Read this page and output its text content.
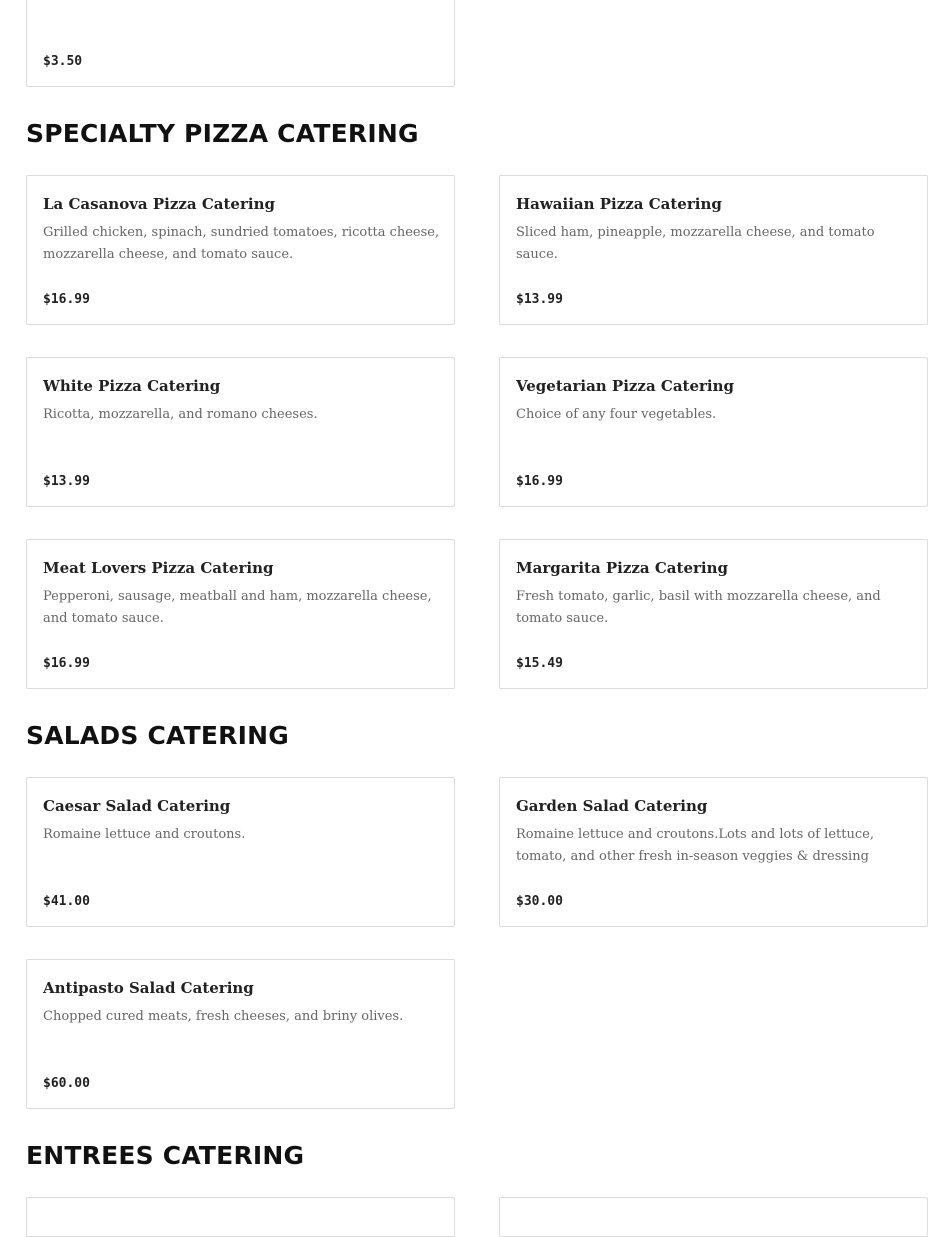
$3.50
SPECIALTY PIZZA CATERING
La Casanova Pizza Catering
Grilled chicken, spinach, sundried tomatoes, ricotta cheese, mozzarella cheese, and tomato sauce.
$16.99
Hawaiian Pizza Catering
Sliced ham, pineapple, mozzarella cheese, and tomato sauce.
$13.99
White Pizza Catering
Ricotta, mozzarella, and romano cheeses.
$13.99
Vegetarian Pizza Catering
Choice of any four vegetables.
$16.99
Meat Lovers Pizza Catering
Pepperoni, sausage, meatball and ham, mozzarella cheese, and tomato sauce.
$16.99
Margarita Pizza Catering
Fresh tomato, garlic, basil with mozzarella cheese, and tomato sauce.
$15.49
SALADS CATERING
Caesar Salad Catering
Romaine lettuce and croutons.
$41.00
Garden Salad Catering
Romaine lettuce and croutons.Lots and lots of lettuce, tomato, and other fresh in-season veggies & dressing
$30.00
Antipasto Salad Catering
Chopped cured meats, fresh cheeses, and briny olives.
$60.00
ENTREES CATERING
